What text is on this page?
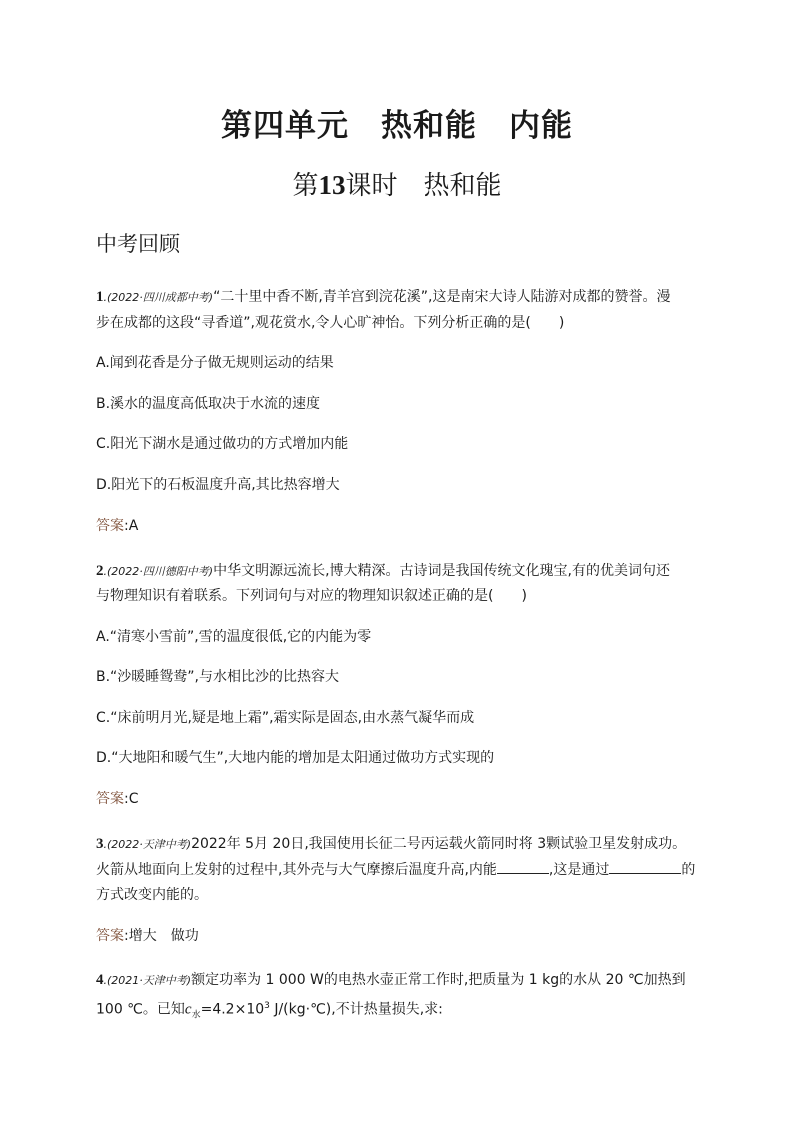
第四单元　热和能　内能
第13课时　热和能
中考回顾
1.(2022·四川成都中考)“二十里中香不断,青羊宫到浣花溪”,这是南宋大诗人陆游对成都的赞誉。漫
步在成都的这段“寻香道”,观花赏水,令人心旷神怡。下列分析正确的是(　　)
A.闻到花香是分子做无规则运动的结果
B.溪水的温度高低取决于水流的速度
C.阳光下湖水是通过做功的方式增加内能
D.阳光下的石板温度升高,其比热容增大
答案:A
2.(2022·四川德阳中考)中华文明源远流长,博大精深。古诗词是我国传统文化瑰宝,有的优美词句还
与物理知识有着联系。下列词句与对应的物理知识叙述正确的是(　　)
A.“清寒小雪前”,雪的温度很低,它的内能为零
B.“沙暖睡鸳鸯”,与水相比沙的比热容大
C.“床前明月光,疑是地上霜”,霜实际是固态,由水蒸气凝华而成
D.“大地阳和暖气生”,大地内能的增加是太阳通过做功方式实现的
答案:C
3.(2022·天津中考)2022年 5月 20日,我国使用长征二号丙运载火箭同时将 3颗试验卫星发射成功。
火箭从地面向上发射的过程中,其外壳与大气摩擦后温度升高,内能	,这是通过	的
方式改变内能的。
答案:增大　做功
4.(2021·天津中考)额定功率为 1 000 W的电热水壶正常工作时,把质量为 1 kg的水从 20 ℃加热到
100 ℃。已知$c_水=4.2\times 10^3$ J/(kg·℃),不计热量损失,求:
